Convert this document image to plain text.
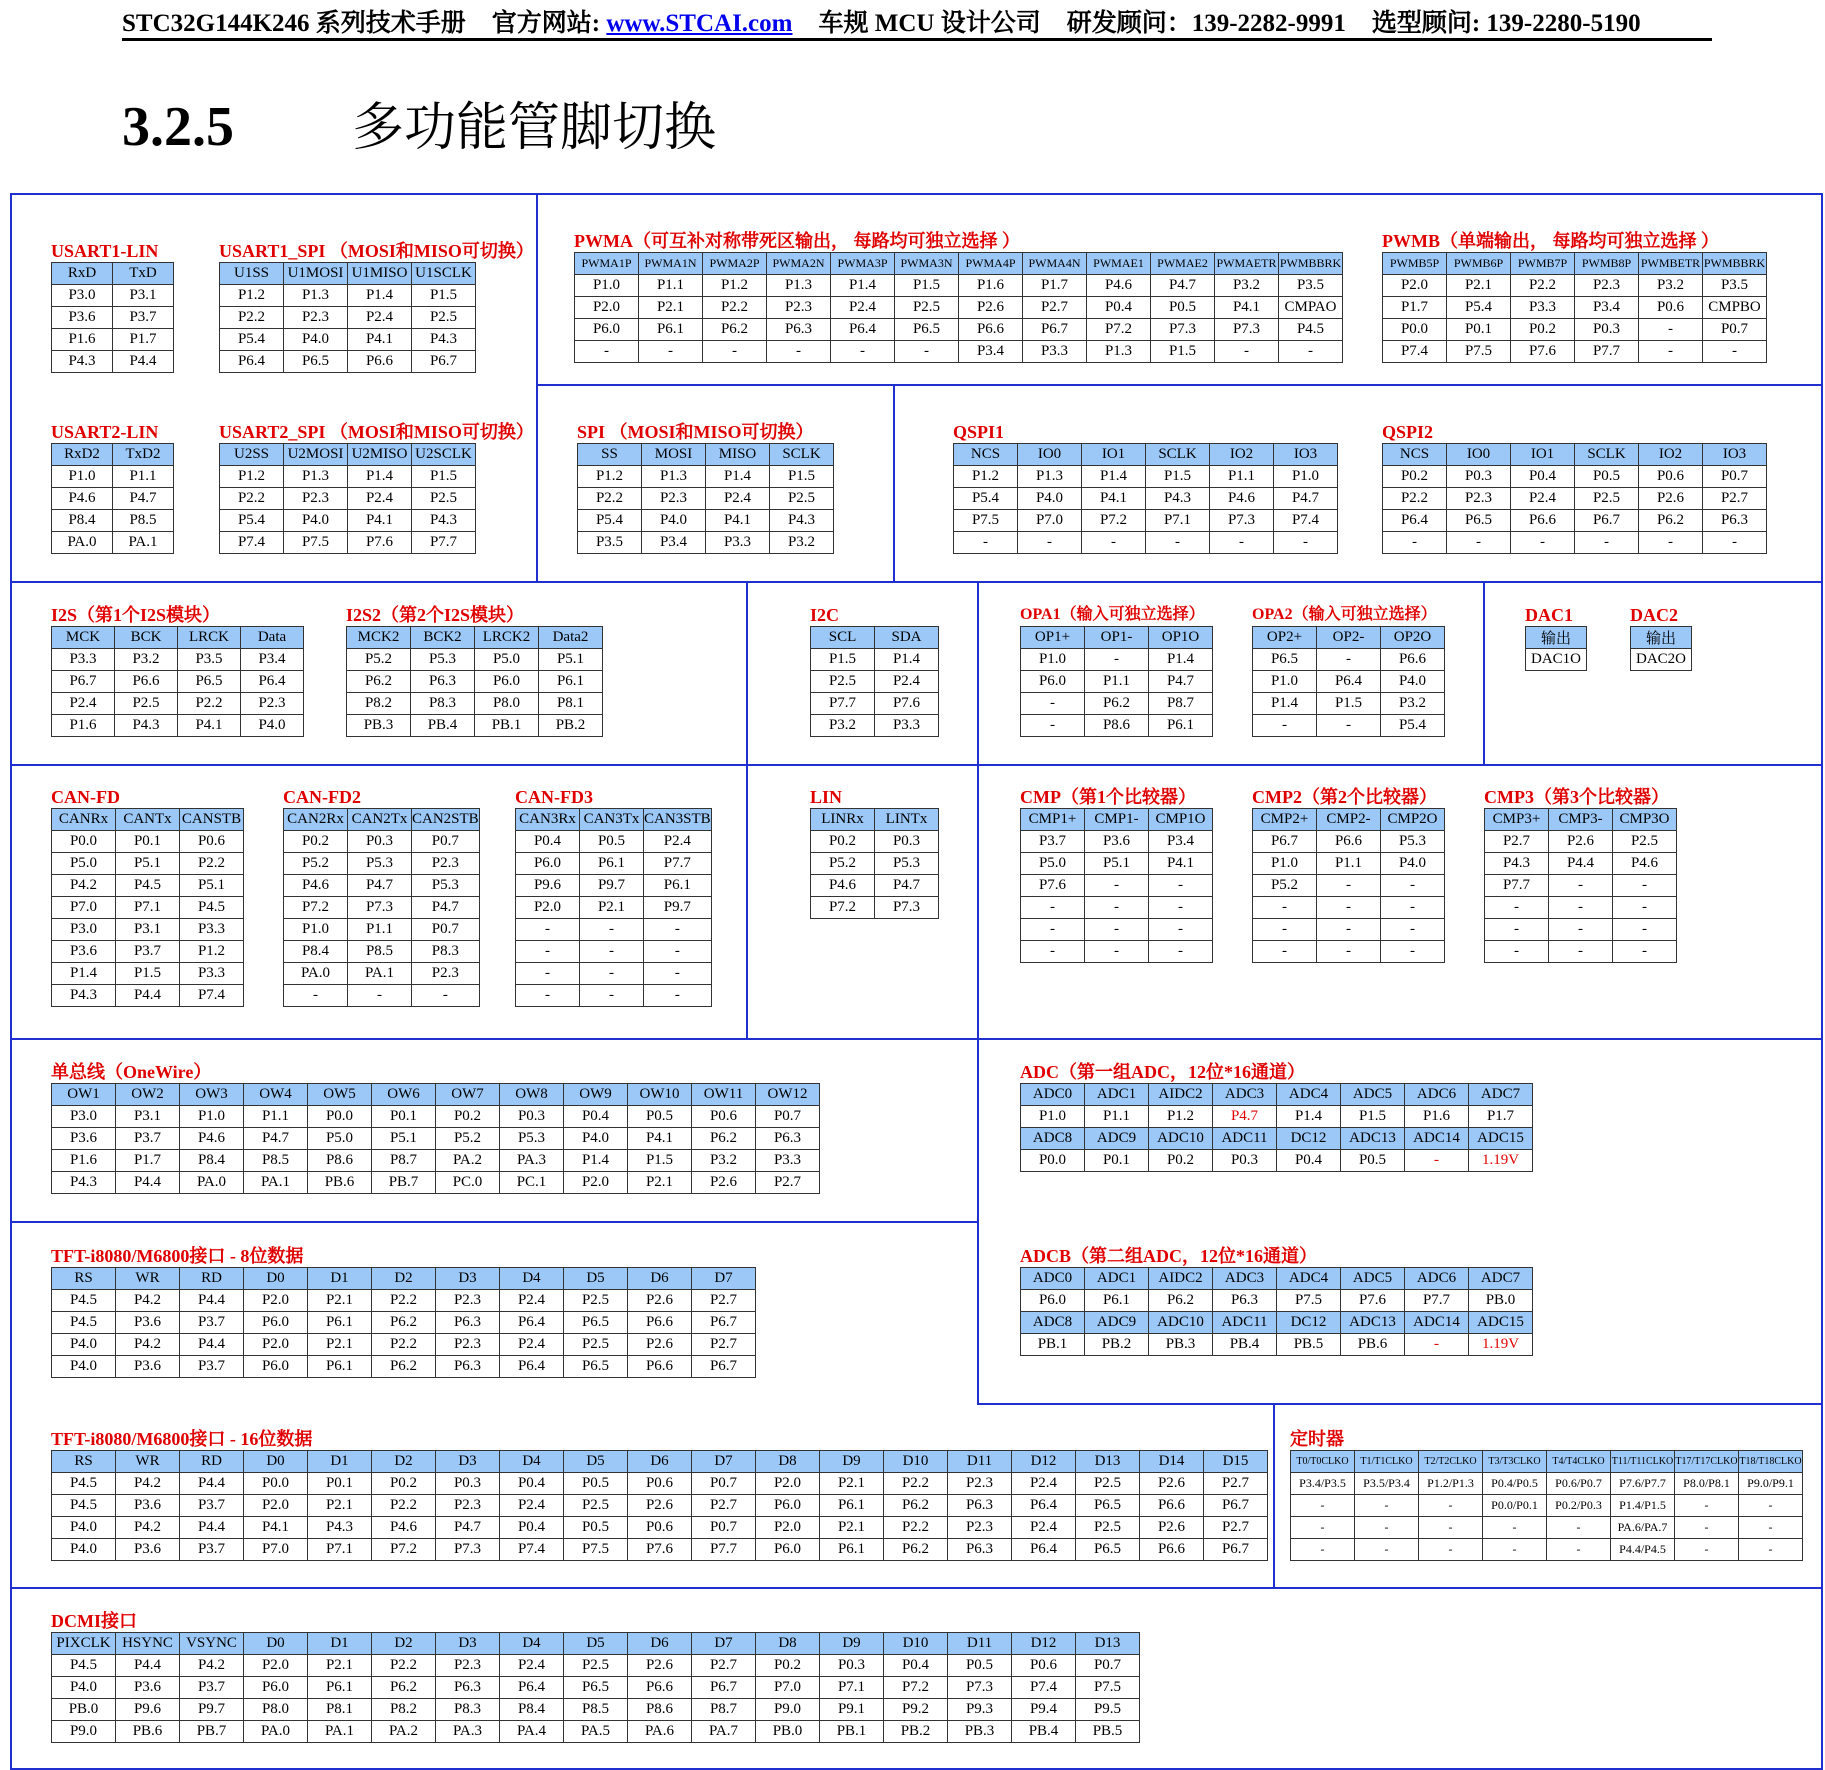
STC32G144K246 系列技术手册 官方网站: www.STCAI.com 车规 MCU 设计公司 研发顾问：139-2282-9991 选型顾问: 139-2280-5190
3.2.5 多功能管脚切换
USART1-LIN
RxD	TxD
P3.0	P3.1
P3.6	P3.7
P1.6	P1.7
P4.3	P4.4
USART1_SPI （MOSI和MISO可切换）
U1SS	U1MOSI	U1MISO	U1SCLK
P1.2	P1.3	P1.4	P1.5
P2.2	P2.3	P2.4	P2.5
P5.4	P4.0	P4.1	P4.3
P6.4	P6.5	P6.6	P6.7
USART2-LIN
RxD2	TxD2
P1.0	P1.1
P4.6	P4.7
P8.4	P8.5
PA.0	PA.1
USART2_SPI （MOSI和MISO可切换）
U2SS	U2MOSI	U2MISO	U2SCLK
P1.2	P1.3	P1.4	P1.5
P2.2	P2.3	P2.4	P2.5
P5.4	P4.0	P4.1	P4.3
P7.4	P7.5	P7.6	P7.7
PWMA（可互补对称带死区输出， 每路均可独立选择 ）
PWMA1P	PWMA1N	PWMA2P	PWMA2N	PWMA3P	PWMA3N	PWMA4P	PWMA4N	PWMAE1	PWMAE2	PWMAETR	PWMBBRK
P1.0	P1.1	P1.2	P1.3	P1.4	P1.5	P1.6	P1.7	P4.6	P4.7	P3.2	P3.5
P2.0	P2.1	P2.2	P2.3	P2.4	P2.5	P2.6	P2.7	P0.4	P0.5	P4.1	CMPAO
P6.0	P6.1	P6.2	P6.3	P6.4	P6.5	P6.6	P6.7	P7.2	P7.3	P7.3	P4.5
-	-	-	-	-	-	P3.4	P3.3	P1.3	P1.5	-	-
PWMB（单端输出， 每路均可独立选择 ）
PWMB5P	PWMB6P	PWMB7P	PWMB8P	PWMBETR	PWMBBRK
P2.0	P2.1	P2.2	P2.3	P3.2	P3.5
P1.7	P5.4	P3.3	P3.4	P0.6	CMPBO
P0.0	P0.1	P0.2	P0.3	-	P0.7
P7.4	P7.5	P7.6	P7.7	-	-
SPI （MOSI和MISO可切换）
SS	MOSI	MISO	SCLK
P1.2	P1.3	P1.4	P1.5
P2.2	P2.3	P2.4	P2.5
P5.4	P4.0	P4.1	P4.3
P3.5	P3.4	P3.3	P3.2
QSPI1
NCS	IO0	IO1	SCLK	IO2	IO3
P1.2	P1.3	P1.4	P1.5	P1.1	P1.0
P5.4	P4.0	P4.1	P4.3	P4.6	P4.7
P7.5	P7.0	P7.2	P7.1	P7.3	P7.4
-	-	-	-	-	-
QSPI2
NCS	IO0	IO1	SCLK	IO2	IO3
P0.2	P0.3	P0.4	P0.5	P0.6	P0.7
P2.2	P2.3	P2.4	P2.5	P2.6	P2.7
P6.4	P6.5	P6.6	P6.7	P6.2	P6.3
-	-	-	-	-	-
I2S（第1个I2S模块）
MCK	BCK	LRCK	Data
P3.3	P3.2	P3.5	P3.4
P6.7	P6.6	P6.5	P6.4
P2.4	P2.5	P2.2	P2.3
P1.6	P4.3	P4.1	P4.0
I2S2（第2个I2S模块）
MCK2	BCK2	LRCK2	Data2
P5.2	P5.3	P5.0	P5.1
P6.2	P6.3	P6.0	P6.1
P8.2	P8.3	P8.0	P8.1
PB.3	PB.4	PB.1	PB.2
I2C
SCL	SDA
P1.5	P1.4
P2.5	P2.4
P7.7	P7.6
P3.2	P3.3
OPA1（输入可独立选择）
OP1+	OP1-	OP1O
P1.0	-	P1.4
P6.0	P1.1	P4.7
-	P6.2	P8.7
-	P8.6	P6.1
OPA2（输入可独立选择）
OP2+	OP2-	OP2O
P6.5	-	P6.6
P1.0	P6.4	P4.0
P1.4	P1.5	P3.2
-	-	P5.4
DAC1
输出
DAC1O
DAC2
输出
DAC2O
CAN-FD
CANRx	CANTx	CANSTB
P0.0	P0.1	P0.6
P5.0	P5.1	P2.2
P4.2	P4.5	P5.1
P7.0	P7.1	P4.5
P3.0	P3.1	P3.3
P3.6	P3.7	P1.2
P1.4	P1.5	P3.3
P4.3	P4.4	P7.4
CAN-FD2
CAN2Rx	CAN2Tx	CAN2STB
P0.2	P0.3	P0.7
P5.2	P5.3	P2.3
P4.6	P4.7	P5.3
P7.2	P7.3	P4.7
P1.0	P1.1	P0.7
P8.4	P8.5	P8.3
PA.0	PA.1	P2.3
-	-	-
CAN-FD3
CAN3Rx	CAN3Tx	CAN3STB
P0.4	P0.5	P2.4
P6.0	P6.1	P7.7
P9.6	P9.7	P6.1
P2.0	P2.1	P9.7
-	-	-
-	-	-
-	-	-
-	-	-
LIN
LINRx	LINTx
P0.2	P0.3
P5.2	P5.3
P4.6	P4.7
P7.2	P7.3
CMP（第1个比较器）
CMP1+	CMP1-	CMP1O
P3.7	P3.6	P3.4
P5.0	P5.1	P4.1
P7.6	-	-
-	-	-
-	-	-
-	-	-
CMP2（第2个比较器）
CMP2+	CMP2-	CMP2O
P6.7	P6.6	P5.3
P1.0	P1.1	P4.0
P5.2	-	-
-	-	-
-	-	-
-	-	-
CMP3（第3个比较器）
CMP3+	CMP3-	CMP3O
P2.7	P2.6	P2.5
P4.3	P4.4	P4.6
P7.7	-	-
-	-	-
-	-	-
-	-	-
单总线（OneWire）
OW1	OW2	OW3	OW4	OW5	OW6	OW7	OW8	OW9	OW10	OW11	OW12
P3.0	P3.1	P1.0	P1.1	P0.0	P0.1	P0.2	P0.3	P0.4	P0.5	P0.6	P0.7
P3.6	P3.7	P4.6	P4.7	P5.0	P5.1	P5.2	P5.3	P4.0	P4.1	P6.2	P6.3
P1.6	P1.7	P8.4	P8.5	P8.6	P8.7	PA.2	PA.3	P1.4	P1.5	P3.2	P3.3
P4.3	P4.4	PA.0	PA.1	PB.6	PB.7	PC.0	PC.1	P2.0	P2.1	P2.6	P2.7
ADC（第一组ADC，12位*16通道）
ADC0	ADC1	AIDC2	ADC3	ADC4	ADC5	ADC6	ADC7
P1.0	P1.1	P1.2	P4.7	P1.4	P1.5	P1.6	P1.7
ADC8	ADC9	ADC10	ADC11	DC12	ADC13	ADC14	ADC15
P0.0	P0.1	P0.2	P0.3	P0.4	P0.5	-	1.19V
ADCB（第二组ADC，12位*16通道）
ADC0	ADC1	AIDC2	ADC3	ADC4	ADC5	ADC6	ADC7
P6.0	P6.1	P6.2	P6.3	P7.5	P7.6	P7.7	PB.0
ADC8	ADC9	ADC10	ADC11	DC12	ADC13	ADC14	ADC15
PB.1	PB.2	PB.3	PB.4	PB.5	PB.6	-	1.19V
TFT-i8080/M6800接口 - 8位数据
RS	WR	RD	D0	D1	D2	D3	D4	D5	D6	D7
P4.5	P4.2	P4.4	P2.0	P2.1	P2.2	P2.3	P2.4	P2.5	P2.6	P2.7
P4.5	P3.6	P3.7	P6.0	P6.1	P6.2	P6.3	P6.4	P6.5	P6.6	P6.7
P4.0	P4.2	P4.4	P2.0	P2.1	P2.2	P2.3	P2.4	P2.5	P2.6	P2.7
P4.0	P3.6	P3.7	P6.0	P6.1	P6.2	P6.3	P6.4	P6.5	P6.6	P6.7
TFT-i8080/M6800接口 - 16位数据
RS	WR	RD	D0	D1	D2	D3	D4	D5	D6	D7	D8	D9	D10	D11	D12	D13	D14	D15
P4.5	P4.2	P4.4	P0.0	P0.1	P0.2	P0.3	P0.4	P0.5	P0.6	P0.7	P2.0	P2.1	P2.2	P2.3	P2.4	P2.5	P2.6	P2.7
P4.5	P3.6	P3.7	P2.0	P2.1	P2.2	P2.3	P2.4	P2.5	P2.6	P2.7	P6.0	P6.1	P6.2	P6.3	P6.4	P6.5	P6.6	P6.7
P4.0	P4.2	P4.4	P4.1	P4.3	P4.6	P4.7	P0.4	P0.5	P0.6	P0.7	P2.0	P2.1	P2.2	P2.3	P2.4	P2.5	P2.6	P2.7
P4.0	P3.6	P3.7	P7.0	P7.1	P7.2	P7.3	P7.4	P7.5	P7.6	P7.7	P6.0	P6.1	P6.2	P6.3	P6.4	P6.5	P6.6	P6.7
定时器
T0/T0CLKO	T1/T1CLKO	T2/T2CLKO	T3/T3CLKO	T4/T4CLKO	T11/T11CLKO	T17/T17CLKO	T18/T18CLKO
P3.4/P3.5	P3.5/P3.4	P1.2/P1.3	P0.4/P0.5	P0.6/P0.7	P7.6/P7.7	P8.0/P8.1	P9.0/P9.1
-	-	-	P0.0/P0.1	P0.2/P0.3	P1.4/P1.5	-	-
-	-	-	-	-	PA.6/PA.7	-	-
-	-	-	-	-	P4.4/P4.5	-	-
DCMI接口
PIXCLK	HSYNC	VSYNC	D0	D1	D2	D3	D4	D5	D6	D7	D8	D9	D10	D11	D12	D13
P4.5	P4.4	P4.2	P2.0	P2.1	P2.2	P2.3	P2.4	P2.5	P2.6	P2.7	P0.2	P0.3	P0.4	P0.5	P0.6	P0.7
P4.0	P3.6	P3.7	P6.0	P6.1	P6.2	P6.3	P6.4	P6.5	P6.6	P6.7	P7.0	P7.1	P7.2	P7.3	P7.4	P7.5
PB.0	P9.6	P9.7	P8.0	P8.1	P8.2	P8.3	P8.4	P8.5	P8.6	P8.7	P9.0	P9.1	P9.2	P9.3	P9.4	P9.5
P9.0	PB.6	PB.7	PA.0	PA.1	PA.2	PA.3	PA.4	PA.5	PA.6	PA.7	PB.0	PB.1	PB.2	PB.3	PB.4	PB.5
